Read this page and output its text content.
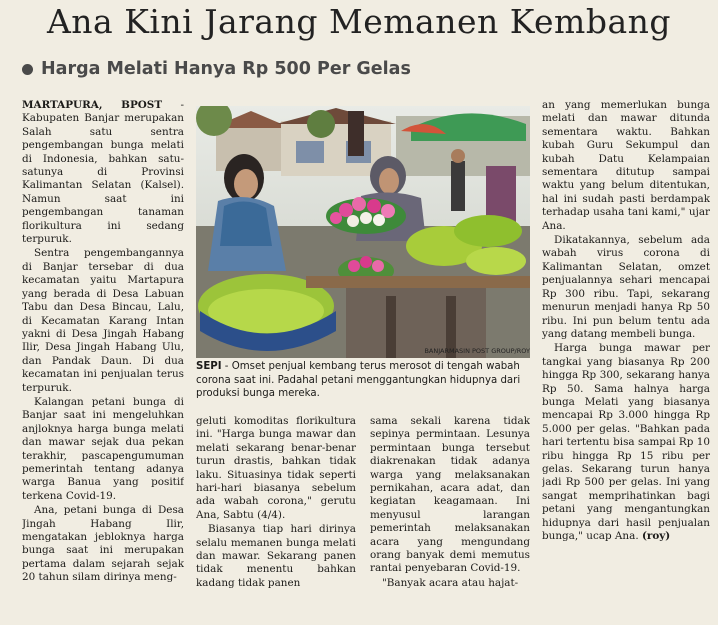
Ana Kini Jarang Memanen Kembang
Harga Melati Hanya Rp 500 Per Gelas

MARTAPURA, BPOST - Kabupaten Banjar merupakan Salah satu sentra pengembangan bunga melati di Indonesia, bahkan satu-satunya di Provinsi Kalimantan Selatan (Kalsel). Namun saat ini pengembangan tanaman florikultura ini sedang terpuruk.

Sentra pengembangannya di Banjar tersebar di dua kecamatan yaitu Martapura yang berada di Desa Labuan Tabu dan Desa Bincau, Lalu, di Kecamatan Karang Intan yakni di Desa Jingah Habang Ilir, Desa Jingah Habang Ulu, dan Pandak Daun. Di dua kecamatan ini penjualan terus terpuruk.

Kalangan petani bunga di Banjar saat ini mengeluhkan anjloknya harga bunga melati dan mawar sejak dua pekan terakhir, pascapengumuman pemerintah tentang adanya warga Banua yang positif terkena Covid-19.

Ana, petani bunga di Desa Jingah Habang Ilir, mengatakan jebloknya harga bunga saat ini merupakan pertama dalam sejarah sejak 20 tahun silam dirinya meng-

BANJARMASIN POST GROUP/ROY
SEPI - Omset penjual kembang terus merosot di tengah wabah corona saat ini. Padahal petani menggantungkan hidupnya dari produksi bunga mereka.

geluti komoditas florikultura ini. "Harga bunga mawar dan melati sekarang benar-benar turun drastis, bahkan tidak laku. Situasinya tidak seperti hari-hari biasanya sebelum ada wabah corona," gerutu Ana, Sabtu (4/4).

Biasanya tiap hari dirinya selalu memanen bunga melati dan mawar. Sekarang panen tidak menentu bahkan kadang tidak panen

sama sekali karena tidak sepinya permintaan. Lesunya permintaan bunga tersebut diakrenakan tidak adanya warga yang melaksanakan pernikahan, acara adat, dan kegiatan keagamaan. Ini menyusul larangan pemerintah melaksanakan acara yang mengundang orang banyak demi memutus rantai penyebaran Covid-19.

"Banyak acara atau hajat-

an yang memerlukan bunga melati dan mawar ditunda sementara waktu. Bahkan kubah Guru Sekumpul dan kubah Datu Kelampaian sementara ditutup sampai waktu yang belum ditentukan, hal ini sudah pasti berdampak terhadap usaha tani kami," ujar Ana.

Dikatakannya, sebelum ada wabah virus corona di Kalimantan Selatan, omzet penjualannya sehari mencapai Rp 300 ribu. Tapi, sekarang menurun menjadi hanya Rp 50 ribu. Ini pun belum tentu ada yang datang membeli bunga.

Harga bunga mawar per tangkai yang biasanya Rp 200 hingga Rp 300, sekarang hanya Rp 50. Sama halnya harga bunga Melati yang biasanya mencapai Rp 3.000 hingga Rp 5.000 per gelas. "Bahkan pada hari tertentu bisa sampai Rp 10 ribu hingga Rp 15 ribu per gelas. Sekarang turun hanya jadi Rp 500 per gelas. Ini yang sangat memprihatinkan bagi petani yang mengantungkan hidupnya dari hasil penjualan bunga," ucap Ana. (roy)
